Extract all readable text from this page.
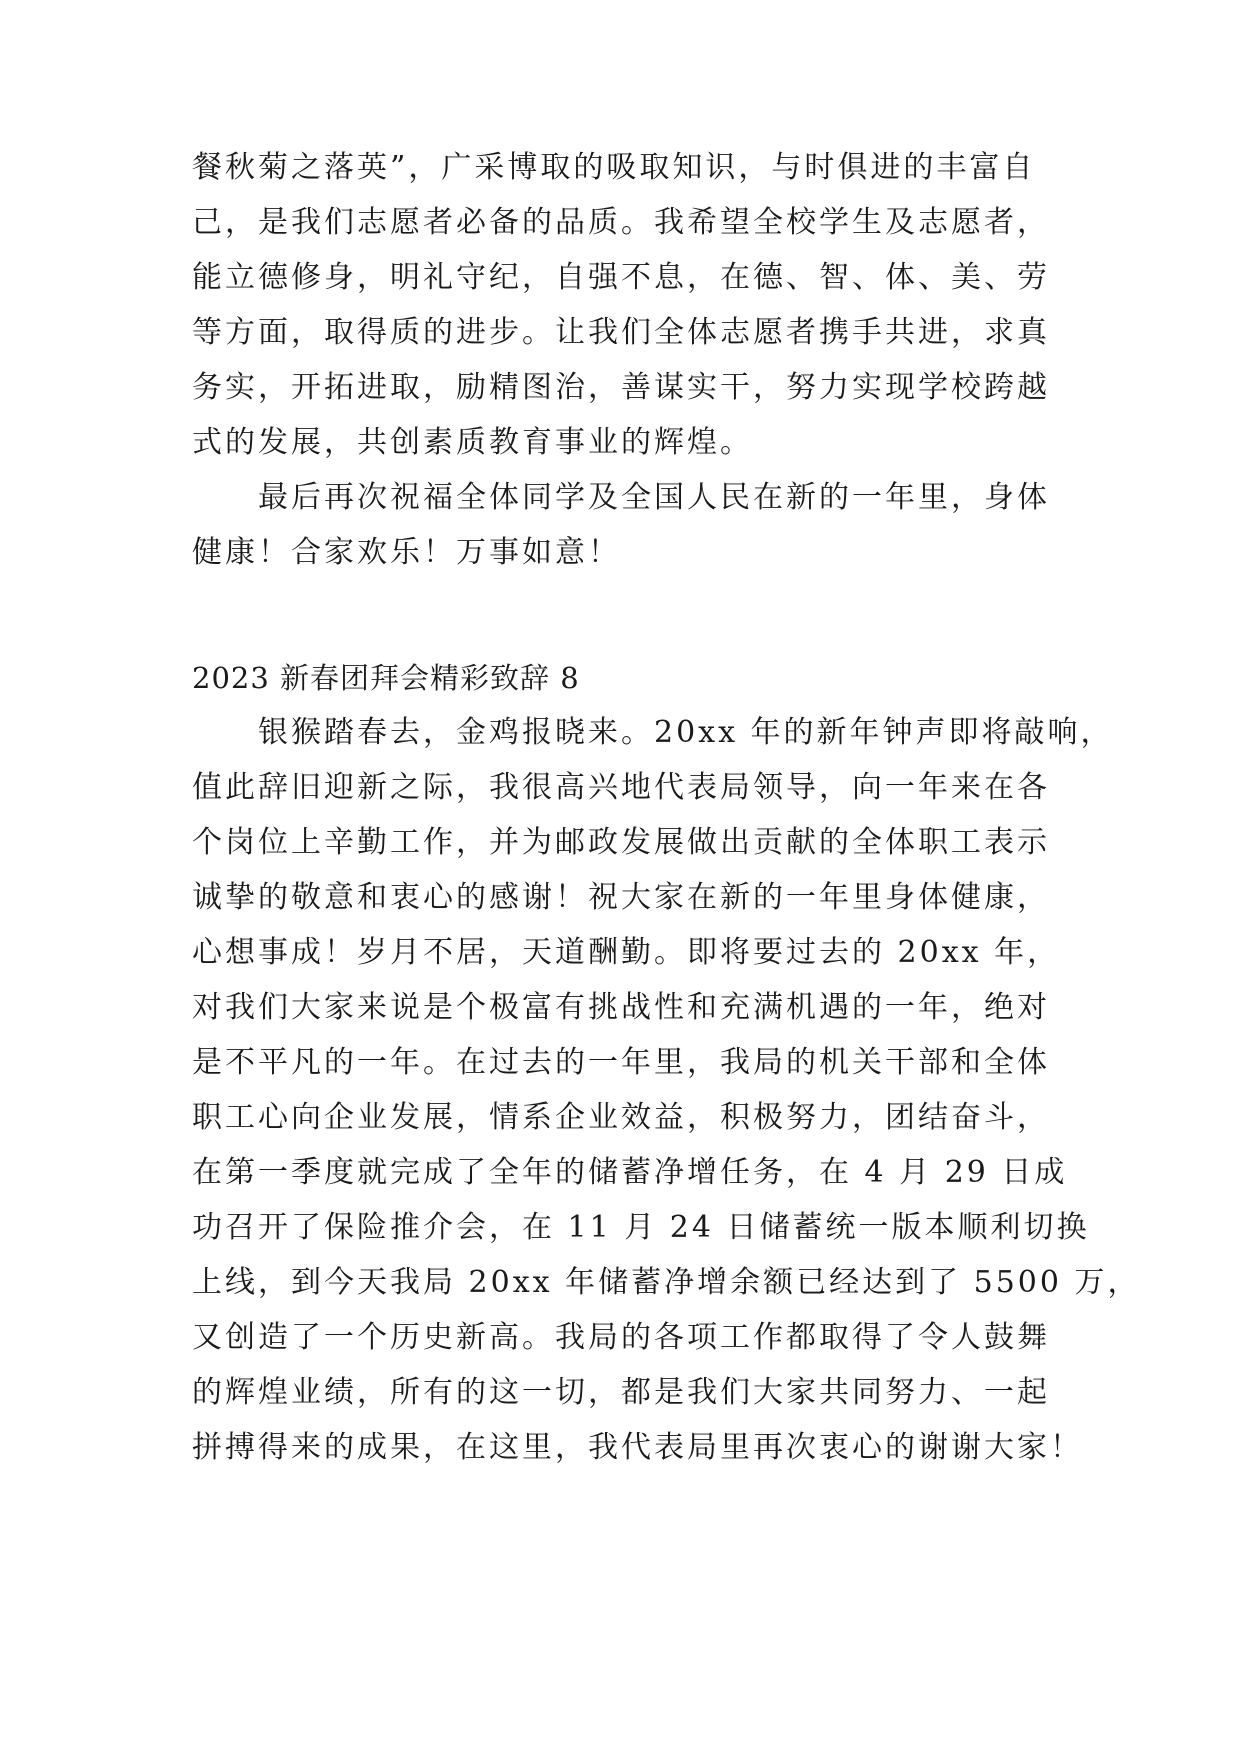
餐秋菊之落英”，广采博取的吸取知识，与时俱进的丰富自
己，是我们志愿者必备的品质。我希望全校学生及志愿者，
能立德修身，明礼守纪，自强不息，在德、智、体、美、劳
等方面，取得质的进步。让我们全体志愿者携手共进，求真
务实，开拓进取，励精图治，善谋实干，努力实现学校跨越
式的发展，共创素质教育事业的辉煌。
　　最后再次祝福全体同学及全国人民在新的一年里，身体
健康！合家欢乐！万事如意！
2023 新春团拜会精彩致辞 8
　　银猴踏春去，金鸡报晓来。20xx 年的新年钟声即将敲响，
值此辞旧迎新之际，我很高兴地代表局领导，向一年来在各
个岗位上辛勤工作，并为邮政发展做出贡献的全体职工表示
诚挚的敬意和衷心的感谢！祝大家在新的一年里身体健康，
心想事成！岁月不居，天道酬勤。即将要过去的 20xx 年，
对我们大家来说是个极富有挑战性和充满机遇的一年，绝对
是不平凡的一年。在过去的一年里，我局的机关干部和全体
职工心向企业发展，情系企业效益，积极努力，团结奋斗，
在第一季度就完成了全年的储蓄净增任务，在 4 月 29 日成
功召开了保险推介会，在 11 月 24 日储蓄统一版本顺利切换
上线，到今天我局 20xx 年储蓄净增余额已经达到了 5500 万，
又创造了一个历史新高。我局的各项工作都取得了令人鼓舞
的辉煌业绩，所有的这一切，都是我们大家共同努力、一起
拼搏得来的成果，在这里，我代表局里再次衷心的谢谢大家！
